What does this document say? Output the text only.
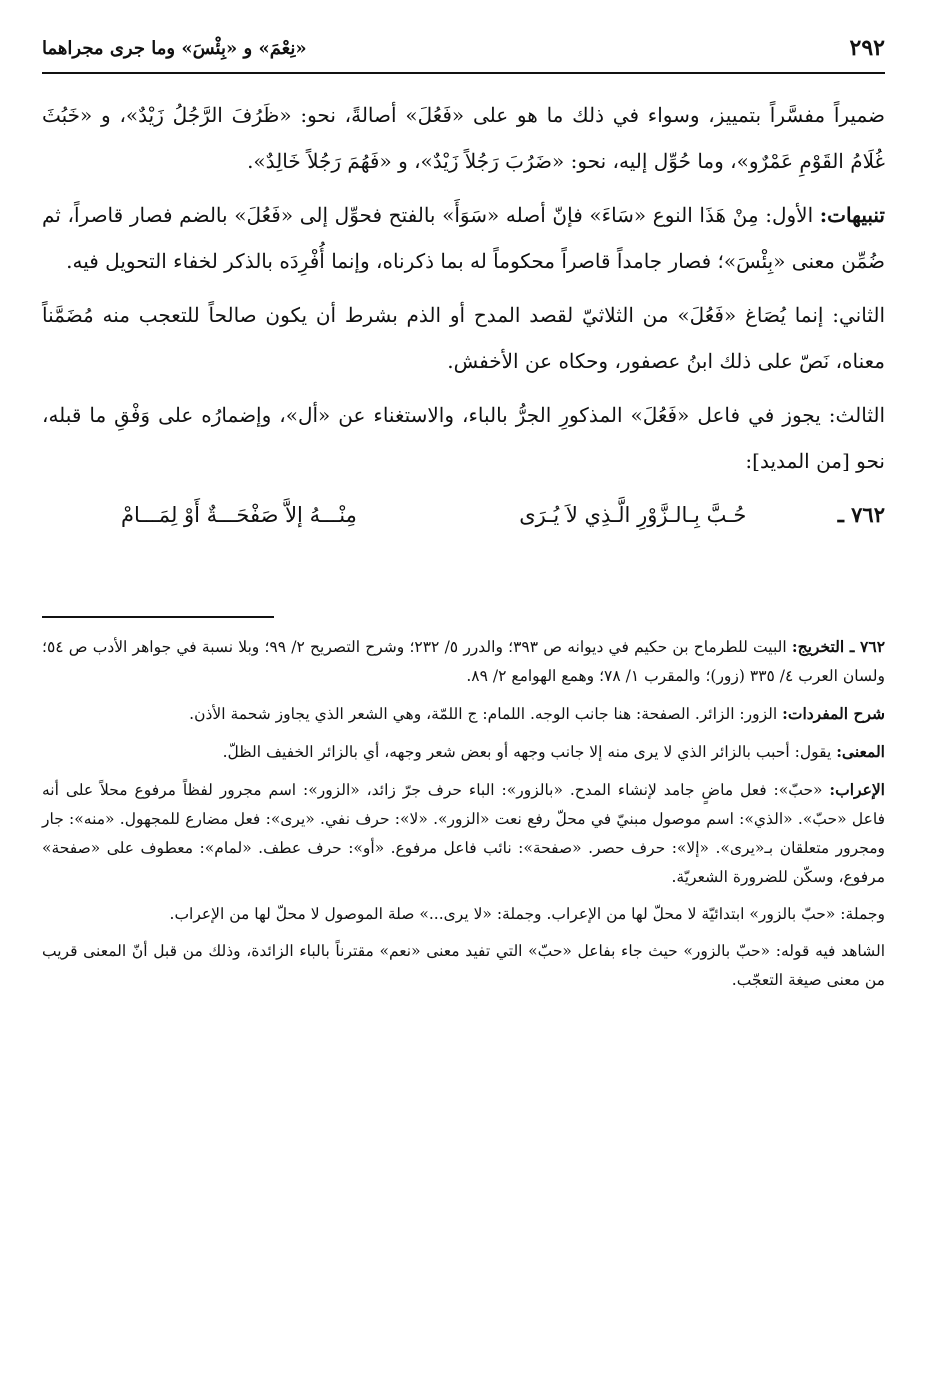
٢٩٢
«نِعْمَ» و «بِئْسَ» وما جرى مجراهما

ضميراً مفسَّراً بتمييز، وسواء في ذلك ما هو على «فَعُلَ» أصالةً، نحو: «ظَرُفَ الرَّجُلُ زَيْدٌ»، و «خَبُثَ غُلَامُ القَوْمِ عَمْرٌو»، وما حُوِّل إليه، نحو: «ضَرُبَ رَجُلاً زَيْدٌ»، و «فَهُمَ رَجُلاً خَالِدٌ».

تنبيهات: الأول: مِنْ هَذَا النوع «سَاءَ» فإنّ أصله «سَوَأَ» بالفتح فحوِّل إلى «فَعُلَ» بالضم فصار قاصراً، ثم ضُمِّن معنى «بِئْسَ»؛ فصار جامداً قاصراً محكوماً له بما ذكرناه، وإنما أُفْرِدَه بالذكر لخفاء التحويل فيه.

الثاني: إنما يُصَاغ «فَعُلَ» من الثلاثيّ لقصد المدح أو الذم بشرط أن يكون صالحاً للتعجب منه مُضَمَّناً معناه، نَصّ على ذلك ابنُ عصفور، وحكاه عن الأخفش.

الثالث: يجوز في فاعل «فَعُلَ» المذكورِ الجرُّ بالباء، والاستغناء عن «أل»، وإضمارُه على وَفْقِ ما قبله، نحو [من المديد]:

٧٦٢ ـ
حُـبَّ بِـالـزَّوْرِ الَّـذِي لاَ يُـرَى
مِنْـــهُ إلاَّ صَفْحَـــةٌ أَوْ لِمَـــامْ

٧٦٢ ـ التخريج: البيت للطرماح بن حكيم في ديوانه ص ٣٩٣؛ والدرر ٥/ ٢٣٢؛ وشرح التصريح ٢/ ٩٩؛ وبلا نسبة في جواهر الأدب ص ٥٤؛ ولسان العرب ٤/ ٣٣٥ (زور)؛ والمقرب ١/ ٧٨؛ وهمع الهوامع ٢/ ٨٩.

شرح المفردات: الزور: الزائر. الصفحة: هنا جانب الوجه. اللمام: ج اللمّة، وهي الشعر الذي يجاوز شحمة الأذن.

المعنى: يقول: أحبب بالزائر الذي لا يرى منه إلا جانب وجهه أو بعض شعر وجهه، أي بالزائر الخفيف الظلّ.

الإعراب: «حبّ»: فعل ماضٍ جامد لإنشاء المدح. «بالزور»: الباء حرف جرّ زائد، «الزور»: اسم مجرور لفظاً مرفوع محلاً على أنه فاعل «حبّ». «الذي»: اسم موصول مبنيّ في محلّ رفع نعت «الزور». «لا»: حرف نفي. «يرى»: فعل مضارع للمجهول. «منه»: جار ومجرور متعلقان بـ«يرى». «إلا»: حرف حصر. «صفحة»: نائب فاعل مرفوع. «أو»: حرف عطف. «لمام»: معطوف على «صفحة» مرفوع، وسكّن للضرورة الشعريّة.

وجملة: «حبّ بالزور» ابتدائيّة لا محلّ لها من الإعراب. وجملة: «لا يرى...» صلة الموصول لا محلّ لها من الإعراب.

الشاهد فيه قوله: «حبّ بالزور» حيث جاء بفاعل «حبّ» التي تفيد معنى «نعم» مقترناً بالباء الزائدة، وذلك من قبل أنّ المعنى قريب من معنى صيغة التعجّب.
